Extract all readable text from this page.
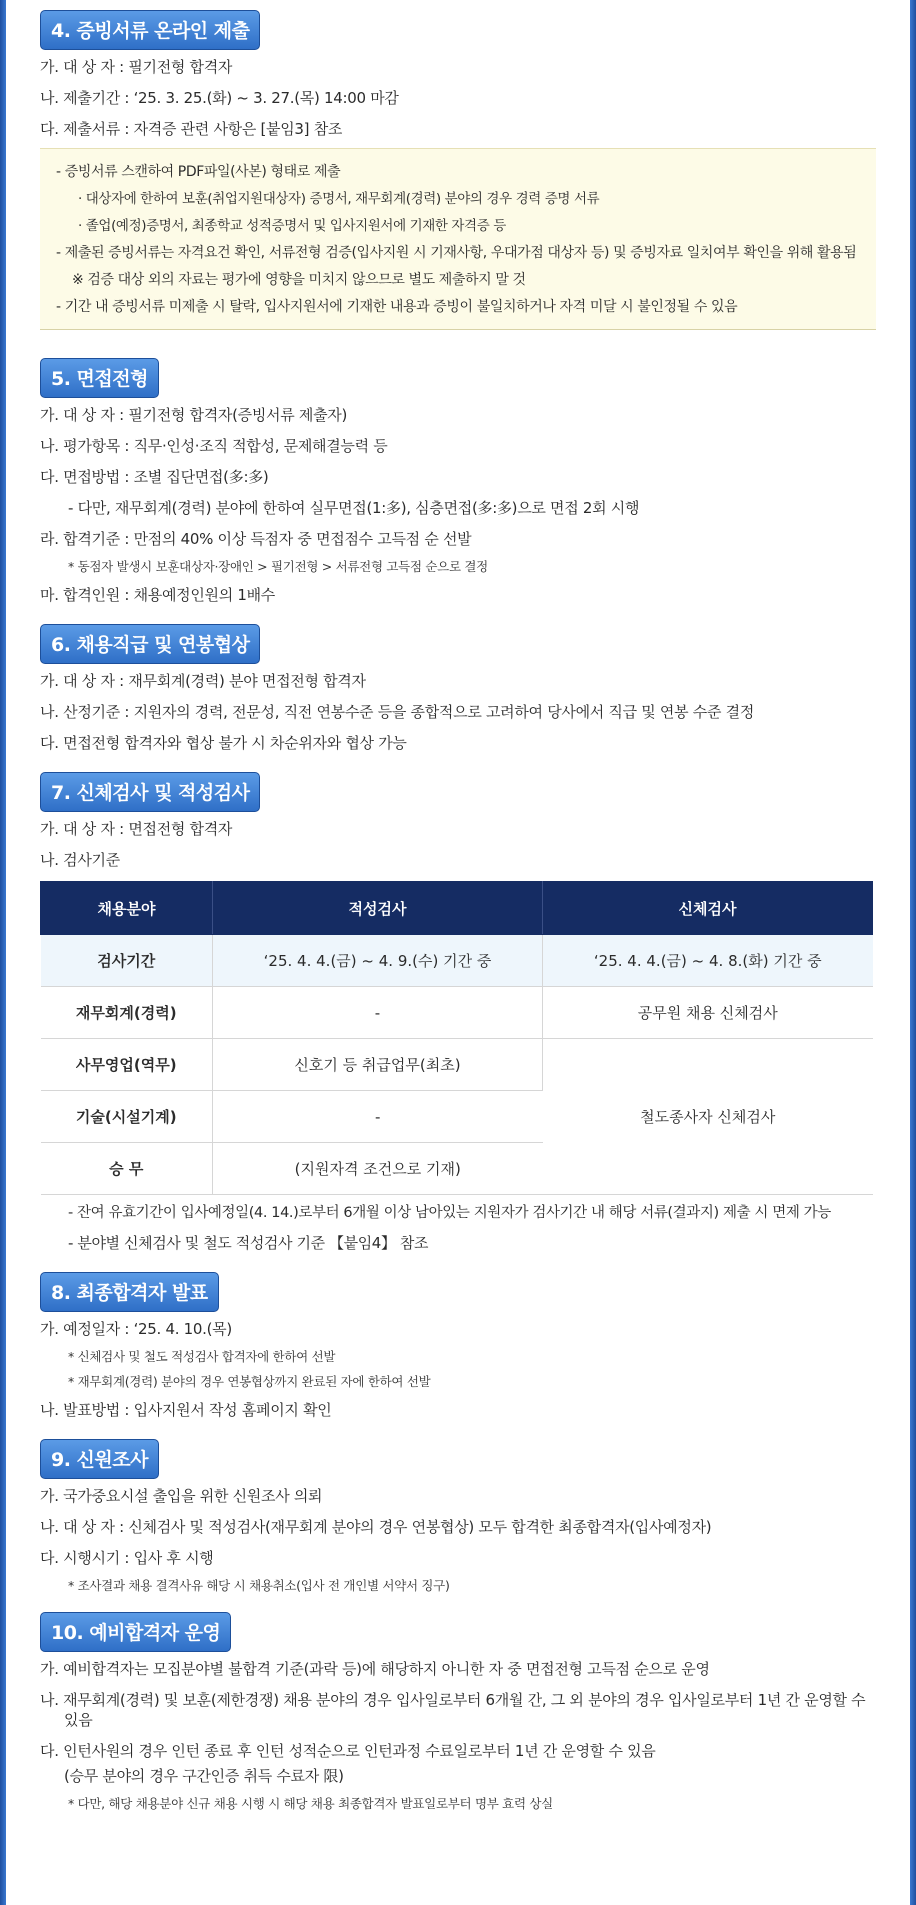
4. 증빙서류 온라인 제출

가. 대 상 자 : 필기전형 합격자

나. 제출기간 : ‘25. 3. 25.(화) ~ 3. 27.(목) 14:00 마감

다. 제출서류 : 자격증 관련 사항은 [붙임3] 참조

- 증빙서류 스캔하여 PDF파일(사본) 형태로 제출
· 대상자에 한하여 보훈(취업지원대상자) 증명서, 재무회계(경력) 분야의 경우 경력 증명 서류
· 졸업(예정)증명서, 최종학교 성적증명서 및 입사지원서에 기재한 자격증 등
- 제출된 증빙서류는 자격요건 확인, 서류전형 검증(입사지원 시 기재사항, 우대가점 대상자 등) 및 증빙자료 일치여부 확인을 위해 활용됨
※ 검증 대상 외의 자료는 평가에 영향을 미치지 않으므로 별도 제출하지 말 것
- 기간 내 증빙서류 미제출 시 탈락, 입사지원서에 기재한 내용과 증빙이 불일치하거나 자격 미달 시 불인정될 수 있음
5. 면접전형

가. 대 상 자 : 필기전형 합격자(증빙서류 제출자)

나. 평가항목 : 직무·인성·조직 적합성, 문제해결능력 등

다. 면접방법 : 조별 집단면접(多:多)

- 다만, 재무회계(경력) 분야에 한하여 실무면접(1:多), 심층면접(多:多)으로 면접 2회 시행

라. 합격기준 : 만점의 40% 이상 득점자 중 면접점수 고득점 순 선발

* 동점자 발생시 보훈대상자·장애인 > 필기전형 > 서류전형 고득점 순으로 결정

마. 합격인원 : 채용예정인원의 1배수

6. 채용직급 및 연봉협상

가. 대 상 자 : 재무회계(경력) 분야 면접전형 합격자

나. 산정기준 : 지원자의 경력, 전문성, 직전 연봉수준 등을 종합적으로 고려하여 당사에서 직급 및 연봉 수준 결정

다. 면접전형 합격자와 협상 불가 시 차순위자와 협상 가능

7. 신체검사 및 적성검사

가. 대 상 자 : 면접전형 합격자

나. 검사기준

채용분야	적성검사	신체검사
검사기간	‘25. 4. 4.(금) ~ 4. 9.(수) 기간 중	‘25. 4. 4.(금) ~ 4. 8.(화) 기간 중
재무회계(경력)	-	공무원 채용 신체검사
사무영업(역무)	신호기 등 취급업무(최초)	철도종사자 신체검사
기술(시설기계)	-	
승 무	(지원자격 조건으로 기재)	
- 잔여 유효기간이 입사예정일(4. 14.)로부터 6개월 이상 남아있는 지원자가 검사기간 내 해당 서류(결과지) 제출 시 면제 가능
- 분야별 신체검사 및 철도 적성검사 기준 【붙임4】 참조
8. 최종합격자 발표

가. 예정일자 : ‘25. 4. 10.(목)

* 신체검사 및 철도 적성검사 합격자에 한하여 선발
* 재무회계(경력) 분야의 경우 연봉협상까지 완료된 자에 한하여 선발

나. 발표방법 : 입사지원서 작성 홈페이지 확인

9. 신원조사

가. 국가중요시설 출입을 위한 신원조사 의뢰

나. 대 상 자 : 신체검사 및 적성검사(재무회계 분야의 경우 연봉협상) 모두 합격한 최종합격자(입사예정자)

다. 시행시기 : 입사 후 시행

* 조사결과 채용 결격사유 해당 시 채용취소(입사 전 개인별 서약서 징구)
10. 예비합격자 운영

가. 예비합격자는 모집분야별 불합격 기준(과락 등)에 해당하지 아니한 자 중 면접전형 고득점 순으로 운영

나. 재무회계(경력) 및 보훈(제한경쟁) 채용 분야의 경우 입사일로부터 6개월 간, 그 외 분야의 경우 입사일로부터 1년 간 운영할 수 있음

다. 인턴사원의 경우 인턴 종료 후 인턴 성적순으로 인턴과정 수료일로부터 1년 간 운영할 수 있음

(승무 분야의 경우 구간인증 취득 수료자 限)

* 다만, 해당 채용분야 신규 채용 시행 시 해당 채용 최종합격자 발표일로부터 명부 효력 상실
